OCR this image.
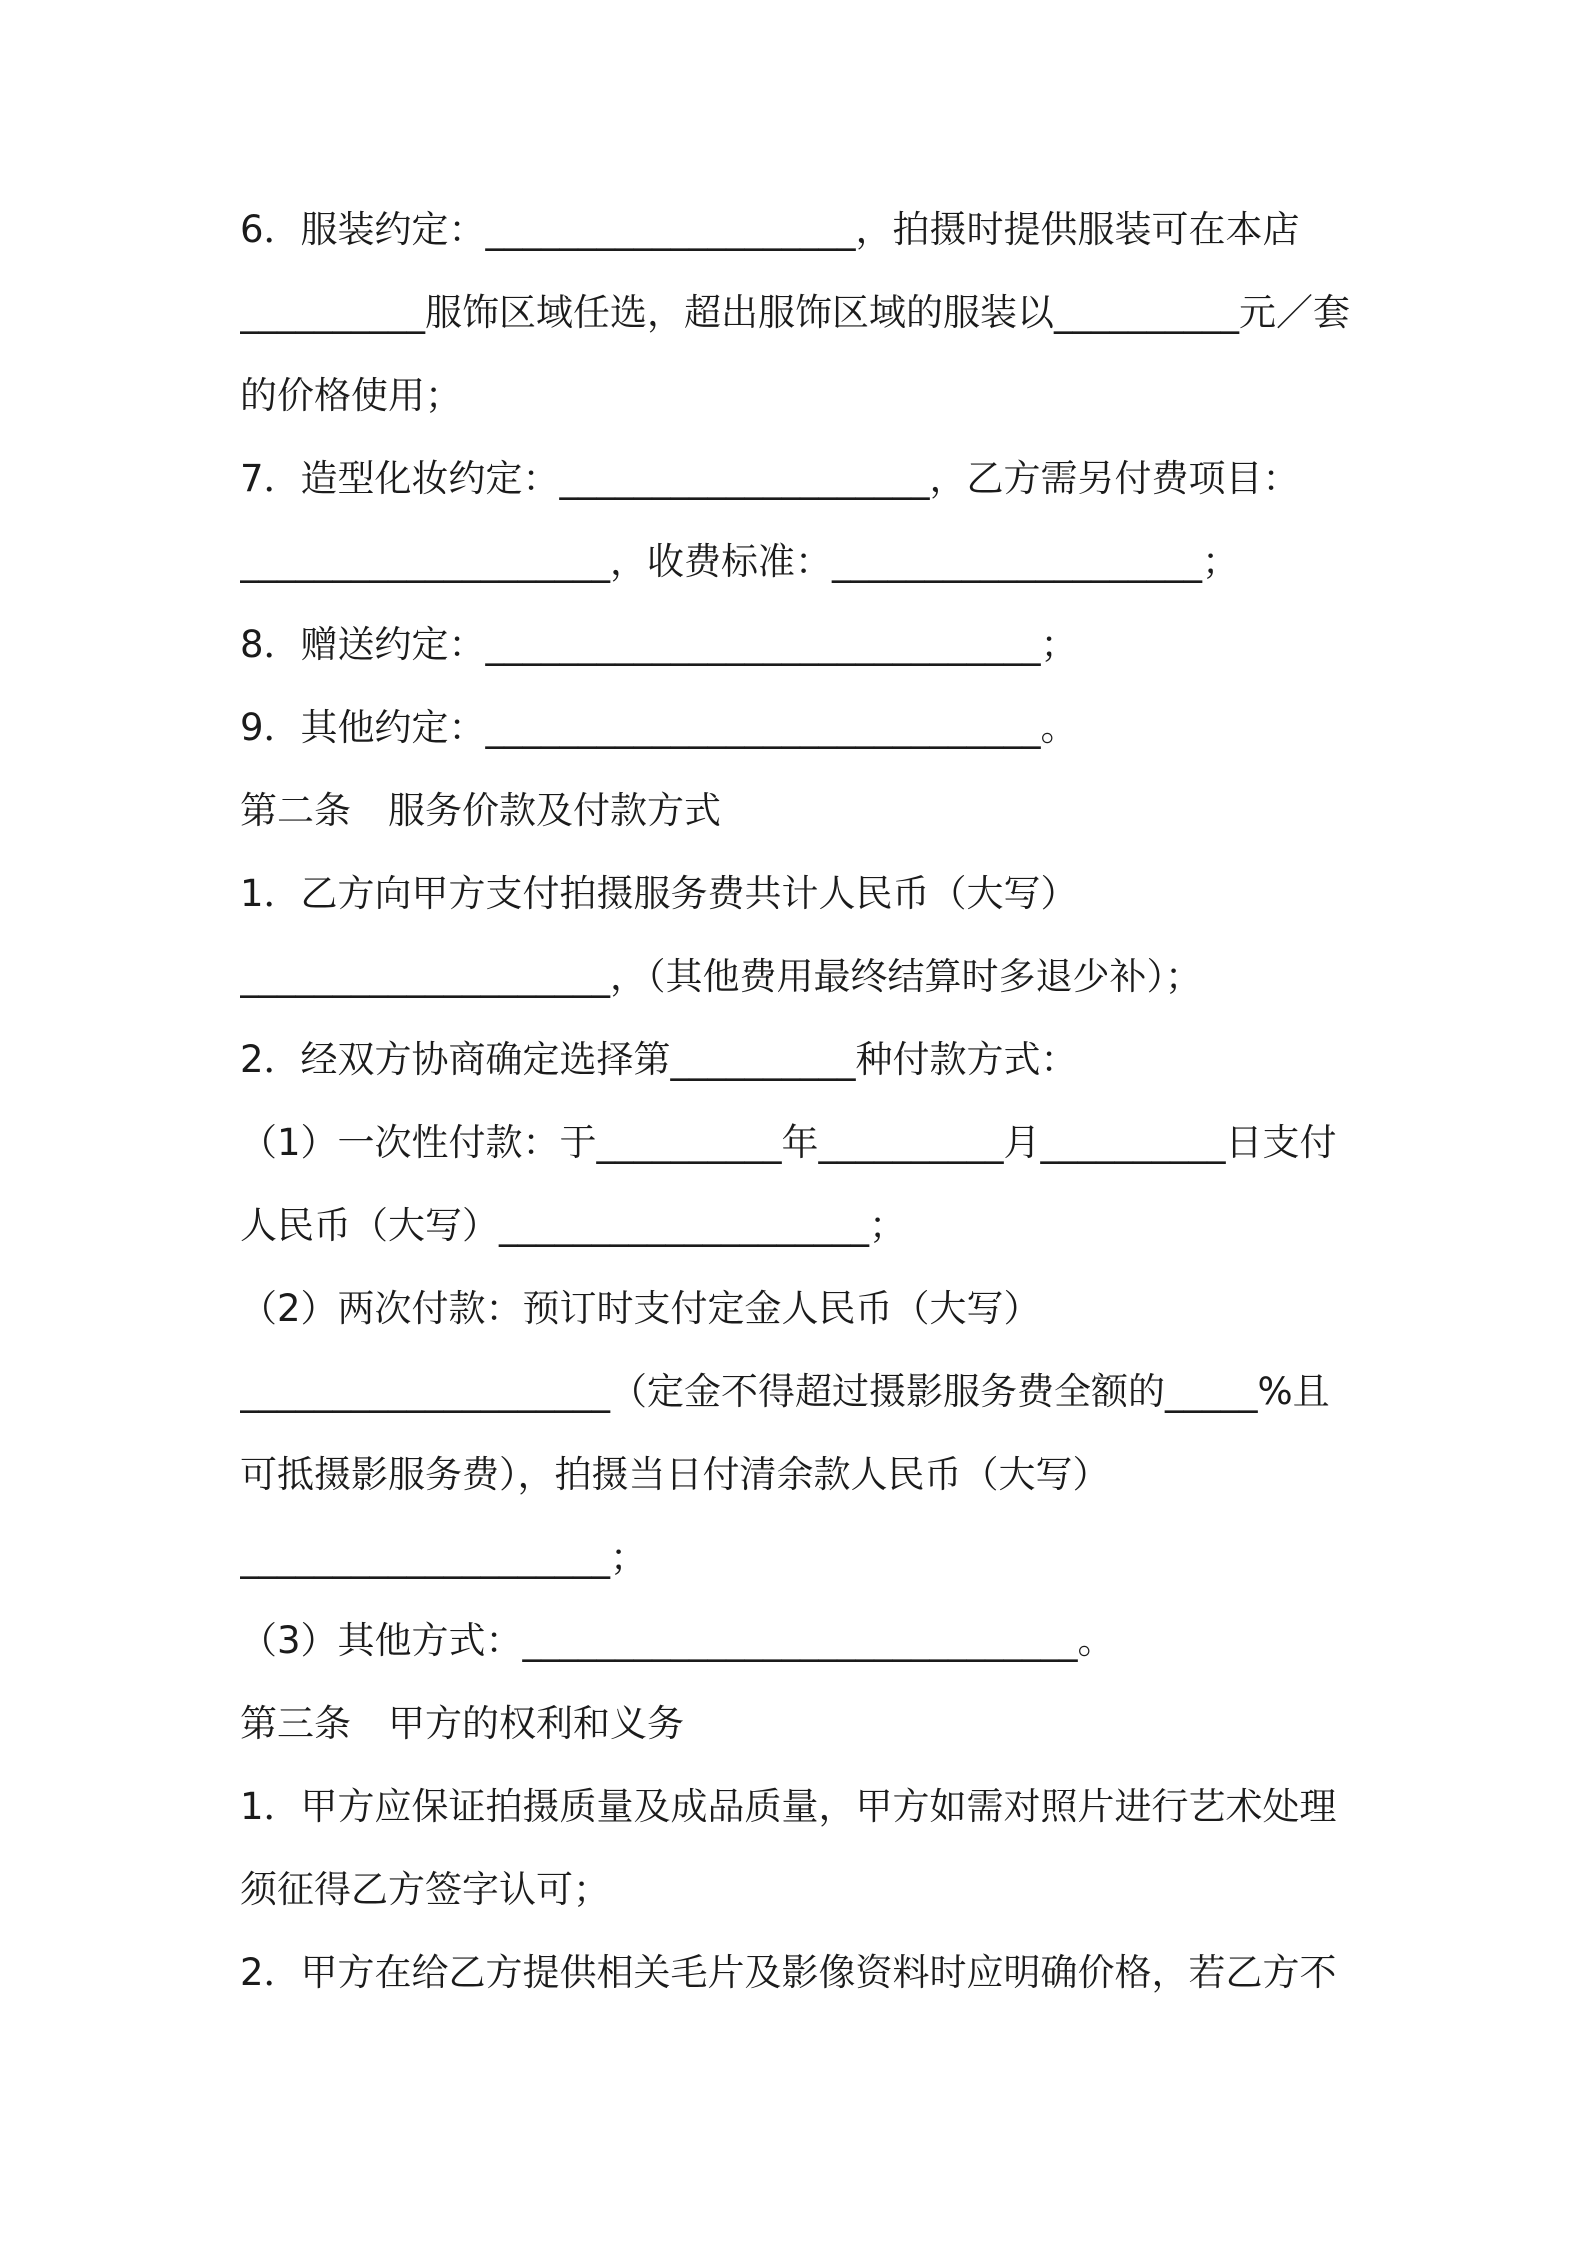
6．服装约定：____________________，拍摄时提供服装可在本店
__________服饰区域任选，超出服饰区域的服装以__________元／套
的价格使用；
7．造型化妆约定：____________________，乙方需另付费项目：
____________________，收费标准：____________________；
8．赠送约定：______________________________；
9．其他约定：______________________________。
第二条　服务价款及付款方式
1．乙方向甲方支付拍摄服务费共计人民币（大写）
____________________，（其他费用最终结算时多退少补）；
2．经双方协商确定选择第__________种付款方式：
（1）一次性付款：于__________年__________月__________日支付
人民币（大写）____________________；
（2）两次付款：预订时支付定金人民币（大写）
____________________（定金不得超过摄影服务费全额的_____%且
可抵摄影服务费），拍摄当日付清余款人民币（大写）
____________________；
（3）其他方式：______________________________。
第三条　甲方的权利和义务
1．甲方应保证拍摄质量及成品质量，甲方如需对照片进行艺术处理
须征得乙方签字认可；
2．甲方在给乙方提供相关毛片及影像资料时应明确价格，若乙方不
